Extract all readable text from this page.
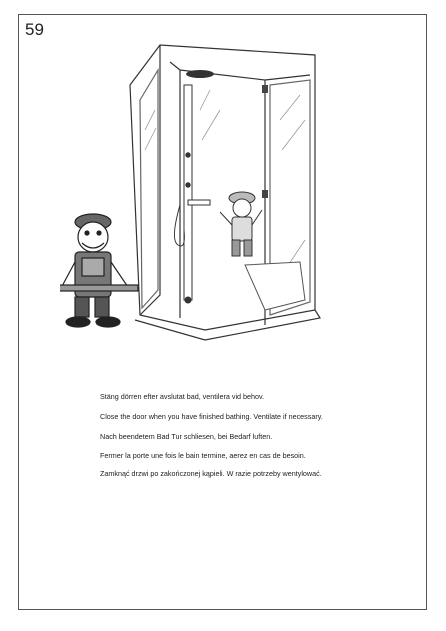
59
Stäng dörren efter avslutat bad, ventilera vid behov.
Close the door when you have finished bathing. Ventilate if necessary.
Nach beendetem Bad Tur schliesen, bei Bedarf luften.
Fermer la porte une fois le bain termine, aerez en cas de besoin.
Zamknąć drzwi po zakończonej kąpieli. W razie potrzeby wentylować.
